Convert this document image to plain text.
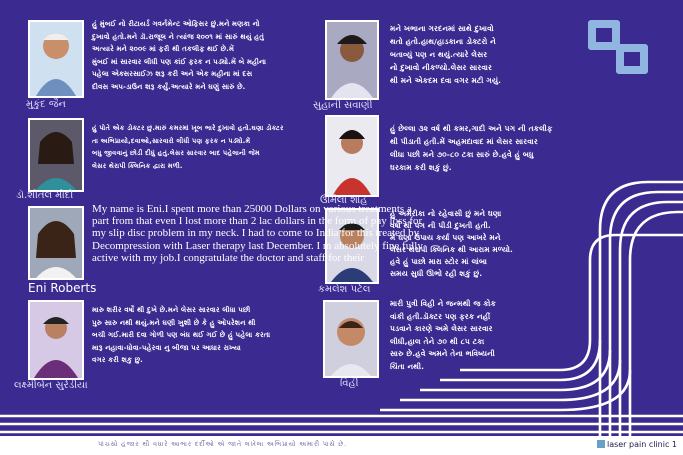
મુકુંદ જૈન	સુહાની સવાણી
ડૉ.શીતલ મોદી	ઉર્મિલા શાહ
Eni Roberts	કમલેશ પટેલ
લક્ષ્મીબેન સુરેડીયા	વિહી
હું મુંબઈ નો રીટાયર્ડ ગવર્નમેન્ટ ઓફિસર છું.મને મણકા નો
દુખાવો હતો.મને ડૉ.રાજૂલ ને ત્યાંજ ૨૦૦૧ માં સારું થયું હતું
અત્યારે મને ૨૦૦૯ માં ફરી થી તકલીફ થઈ છે.મેં
મુંબઈ માં સારવાર લીધી પણ કાંઈ ફરક ન પડ્યો.મેં બે મહીના
પહેલા એક્સરસાઈઝ શરૂ કરી અને એક મહીના માં દસ
દીવસ અપ-ડાઉન શરૂ કર્યું.અત્યારે મને ઘણું સારું છે.
મને ખભાના ગરદનમાં સાથે દુખાવો
થતો હતો.હાથ/હાડકાના ડોક્ટરો ને
બતાવ્યું પણ ન થયું.ત્યારે લેસર
નો દુખાવો નીકળ્યો.લેસર સારવાર
થી મને એકદમ દવા વગર મટી ગયું.
હું પોતે એક ડોક્ટર છું.મારું કમરમાં ખૂબ ભારે દુખાવો હતો.ઘણા ડોક્ટર
તા અભિપ્રાયો,દવાઓ,સારવારો લીધી પણ ફરક ન પડ્યો.મેં
બધુ જીવવાનું છોડી દીધું હતું.લેસર સારવાર બાદ પહેલાની જેમ
લેસર થેરાપી ક્લિનિક દ્વારા મળી.
હું છેલ્લા ૩૨ વર્ષ થી કમર,ગાદી અને પગ ની તકલીફ
થી પીડાતી હતી.મેં અહમદાવાદ માં લેસર સારવાર
લીધા પછી મને ૭૦-૮૦ ટકા સારું છે.હવે હું બધુ
ઘરકામ કરી શકું છું.
હું અમેરીકા નો રહેવાસી છું મને ઘણા
વર્ષો થી પગ ની પીડી દુખતી હતી.
મેં ઘણા ઉપાય કર્યા પણ આખરે મને
લેસર થેરાપી ક્લિનિક થી આરામ મળ્યો.
હવે હું પાછો મારા સ્ટોર માં લાંબા
સમય સુધી ઊભો રહી શકું છું.
મારુ શરીર વર્ષો થી દુખે છે.મને લેસર સારવાર લીધા પછી
પુરુ સારુ નથી થયું.મને ઘણી ખુશી છે કે હુ ઓપરેશન થી
બચી ગઈ.મારી દવા ગોળી પણ બંધ થઈ ગઈ છે હું પહેલા કરતા
મારૂ નહાવા-ધોવા-પહેરવા નુ બીજા પર આધાર રાખ્યા
વગર કરી શકુ છુ.
મારી પુત્રી વિહી ને જન્મથી જ કોક
વાંકી હતી.ડૉક્ટર પણ ફરક નહીં
પડવાને કારણે અમે લેસર સારવાર
લીધી,હાલ તેને ૭૦ થી ૮૫ ટકા
સારુ છે.હવે અમને તેના ભવિષ્યની
ચિંતા નથી.
My name is Eni.I spent more than 25000 Dollars on various treatments a part from that even I lost more than 2 lac dollars in the form of pay loss for my slip disc problem in my neck. I had to come to India for this treated by Decompression with Laser therapy last December. I m absolutely fine fully active with my job.I congratulate the doctor and staff for their
પાંચસો હજાર થી વધારે આભાર દર્દીઓ એ જાતે લખેલા અભિપ્રાયો અમારી પાસે છે.	laser pain clinic 1
